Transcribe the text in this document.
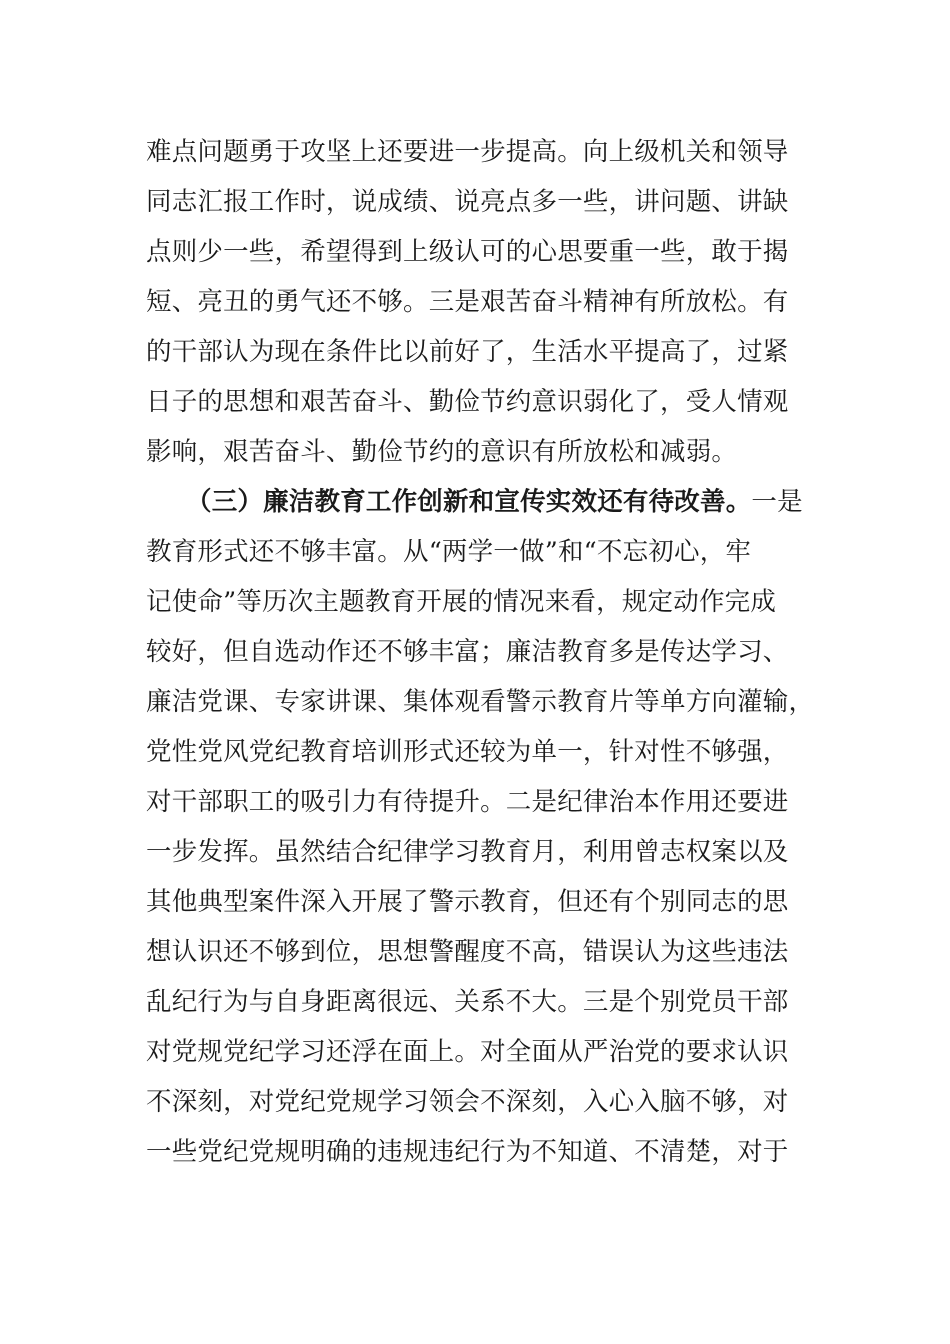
难点问题勇于攻坚上还要进一步提高。向上级机关和领导
同志汇报工作时，说成绩、说亮点多一些，讲问题、讲缺
点则少一些，希望得到上级认可的心思要重一些，敢于揭
短、亮丑的勇气还不够。三是艰苦奋斗精神有所放松。有
的干部认为现在条件比以前好了，生活水平提高了，过紧
日子的思想和艰苦奋斗、勤俭节约意识弱化了，受人情观
影响，艰苦奋斗、勤俭节约的意识有所放松和减弱。
（三）廉洁教育工作创新和宣传实效还有待改善。一是
教育形式还不够丰富。从“两学一做”和“不忘初心，牢
记使命”等历次主题教育开展的情况来看，规定动作完成
较好，但自选动作还不够丰富；廉洁教育多是传达学习、
廉洁党课、专家讲课、集体观看警示教育片等单方向灌输，
党性党风党纪教育培训形式还较为单一，针对性不够强，
对干部职工的吸引力有待提升。二是纪律治本作用还要进
一步发挥。虽然结合纪律学习教育月，利用曾志权案以及
其他典型案件深入开展了警示教育，但还有个别同志的思
想认识还不够到位，思想警醒度不高，错误认为这些违法
乱纪行为与自身距离很远、关系不大。三是个别党员干部
对党规党纪学习还浮在面上。对全面从严治党的要求认识
不深刻，对党纪党规学习领会不深刻，入心入脑不够，对
一些党纪党规明确的违规违纪行为不知道、不清楚，对于
